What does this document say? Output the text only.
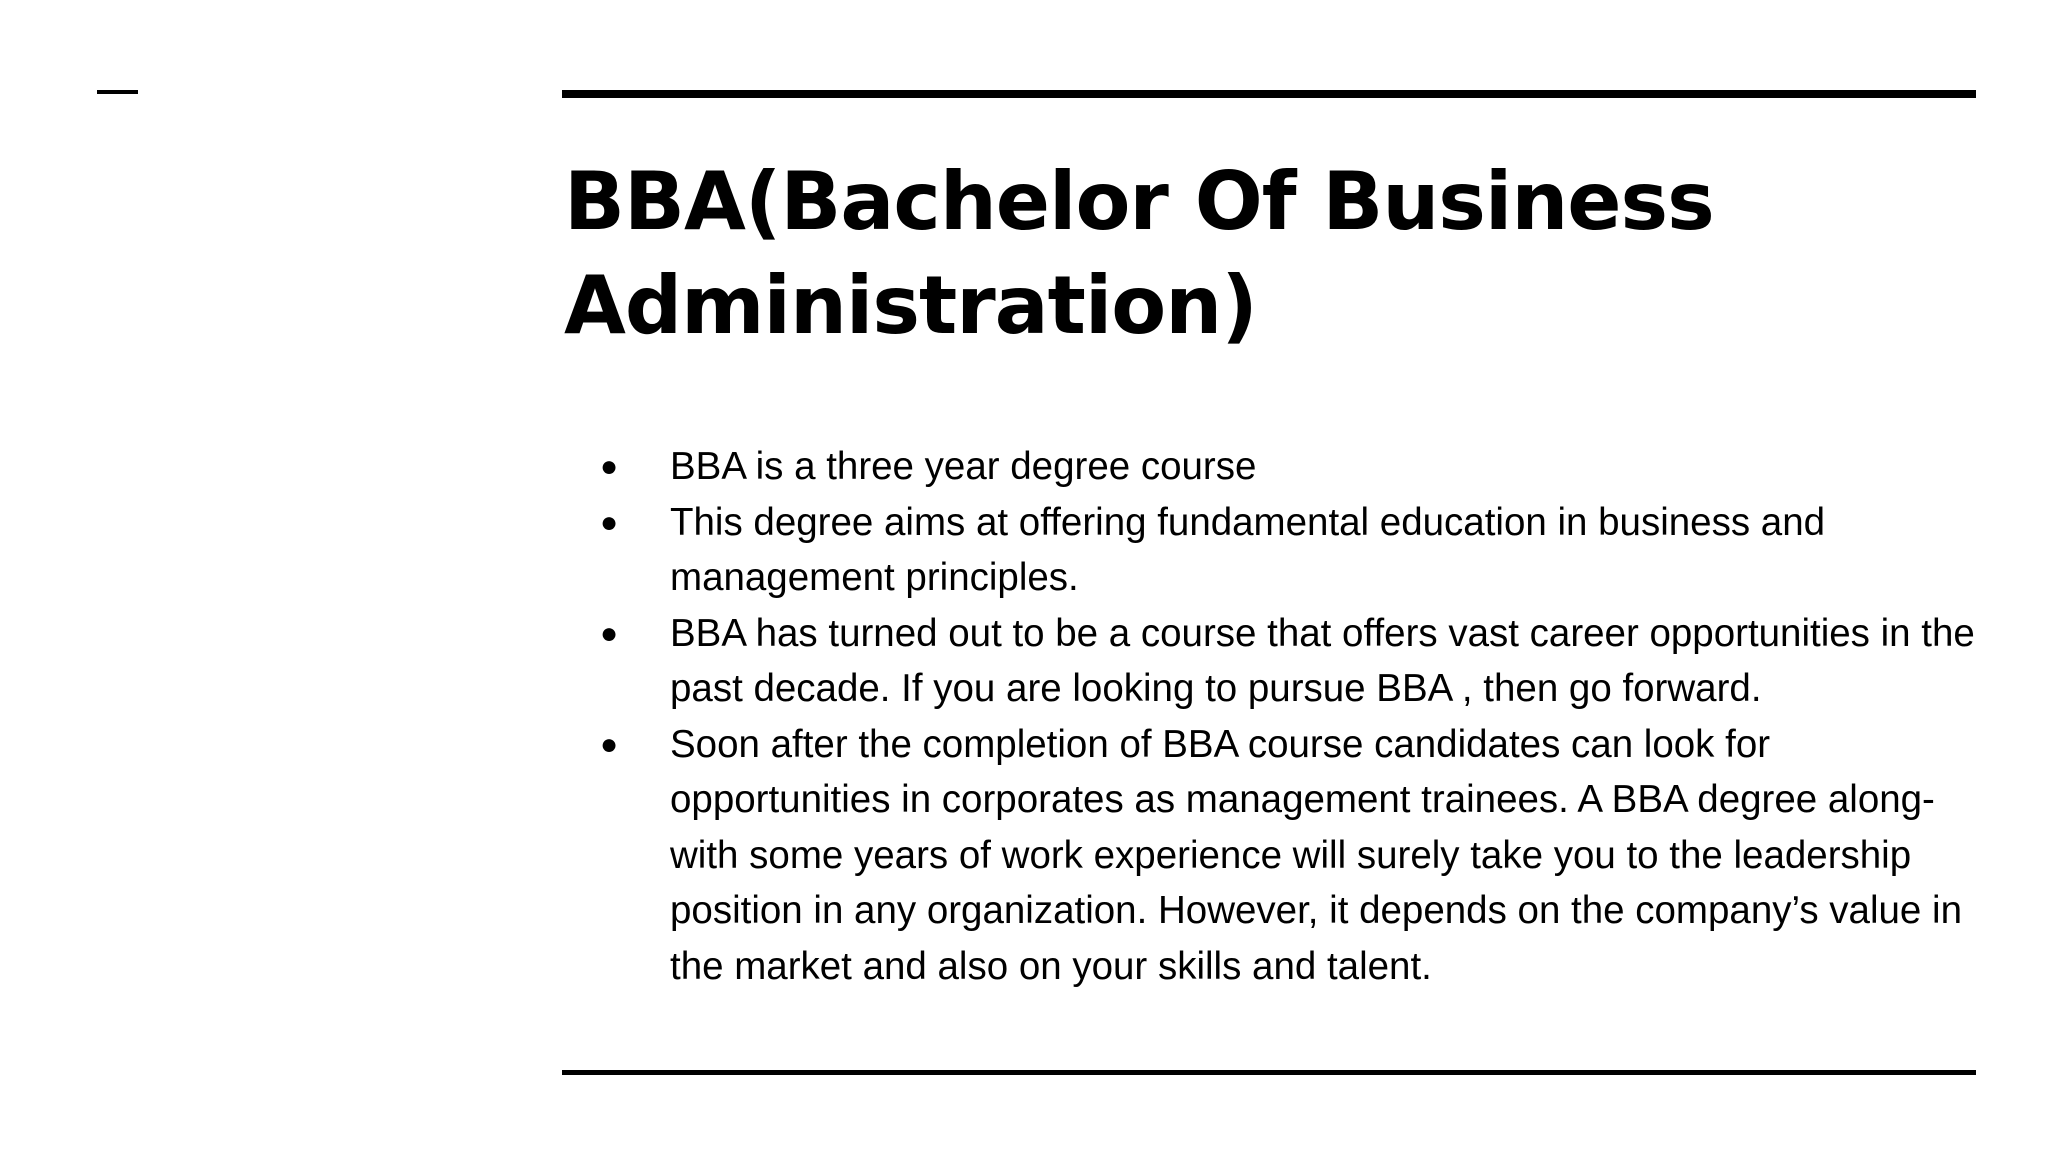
BBA(Bachelor Of Business Administration)
●	BBA is a three year degree course
●	This degree aims at offering fundamental education in business and management principles.
●	BBA has turned out to be a course that offers vast career opportunities in the past decade. If you are looking to pursue BBA , then go forward.
●	Soon after the completion of BBA course candidates can look for opportunities in corporates as management trainees. A BBA degree along-with some years of work experience will surely take you to the leadership position in any organization. However, it depends on the company’s value in the market and also on your skills and talent.
